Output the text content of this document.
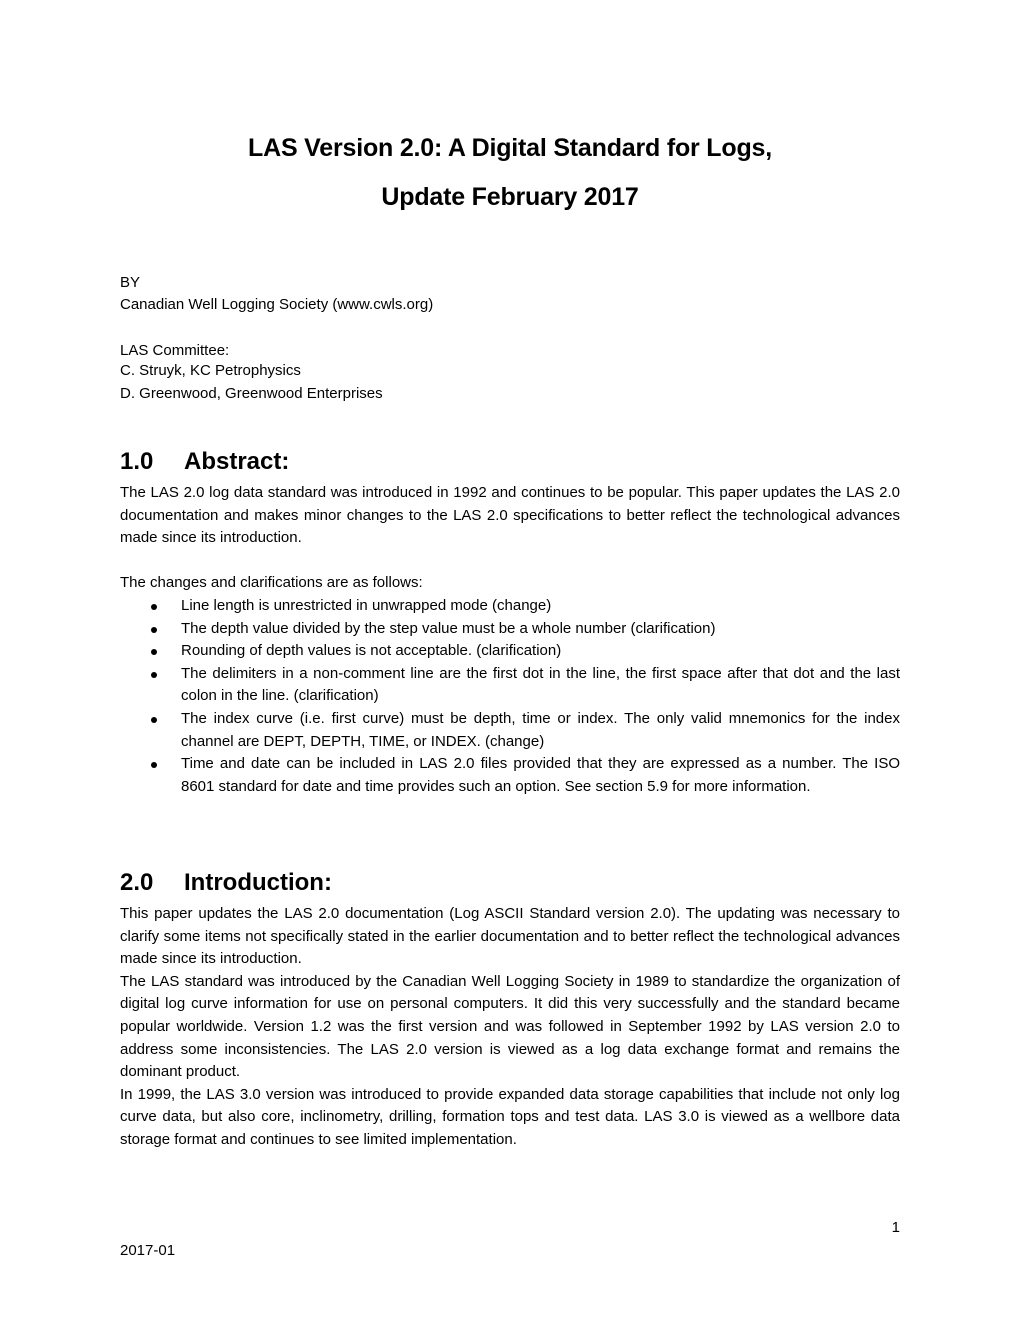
LAS Version 2.0: A Digital Standard for Logs,
Update February 2017

BY

Canadian Well Logging Society (www.cwls.org)

LAS Committee:

C. Struyk, KC Petrophysics

D. Greenwood, Greenwood Enterprises

1.0 Abstract:

The LAS 2.0 log data standard was introduced in 1992 and continues to be popular. This paper updates the LAS 2.0 documentation and makes minor changes to the LAS 2.0 specifications to better reflect the technological advances made since its introduction.

The changes and clarifications are as follows:

Line length is unrestricted in unwrapped mode (change)
The depth value divided by the step value must be a whole number (clarification)
Rounding of depth values is not acceptable. (clarification)
The delimiters in a non-comment line are the first dot in the line, the first space after that dot and the last colon in the line. (clarification)
The index curve (i.e. first curve) must be depth, time or index. The only valid mnemonics for the index channel are DEPT, DEPTH, TIME, or INDEX. (change)
Time and date can be included in LAS 2.0 files provided that they are expressed as a number. The ISO 8601 standard for date and time provides such an option. See section 5.9 for more information.
2.0 Introduction:

This paper updates the LAS 2.0 documentation (Log ASCII Standard version 2.0). The updating was necessary to clarify some items not specifically stated in the earlier documentation and to better reflect the technological advances made since its introduction.

The LAS standard was introduced by the Canadian Well Logging Society in 1989 to standardize the organization of digital log curve information for use on personal computers. It did this very successfully and the standard became popular worldwide. Version 1.2 was the first version and was followed in September 1992 by LAS version 2.0 to address some inconsistencies. The LAS 2.0 version is viewed as a log data exchange format and remains the dominant product.

In 1999, the LAS 3.0 version was introduced to provide expanded data storage capabilities that include not only log curve data, but also core, inclinometry, drilling, formation tops and test data. LAS 3.0 is viewed as a wellbore data storage format and continues to see limited implementation.

1
2017-01
